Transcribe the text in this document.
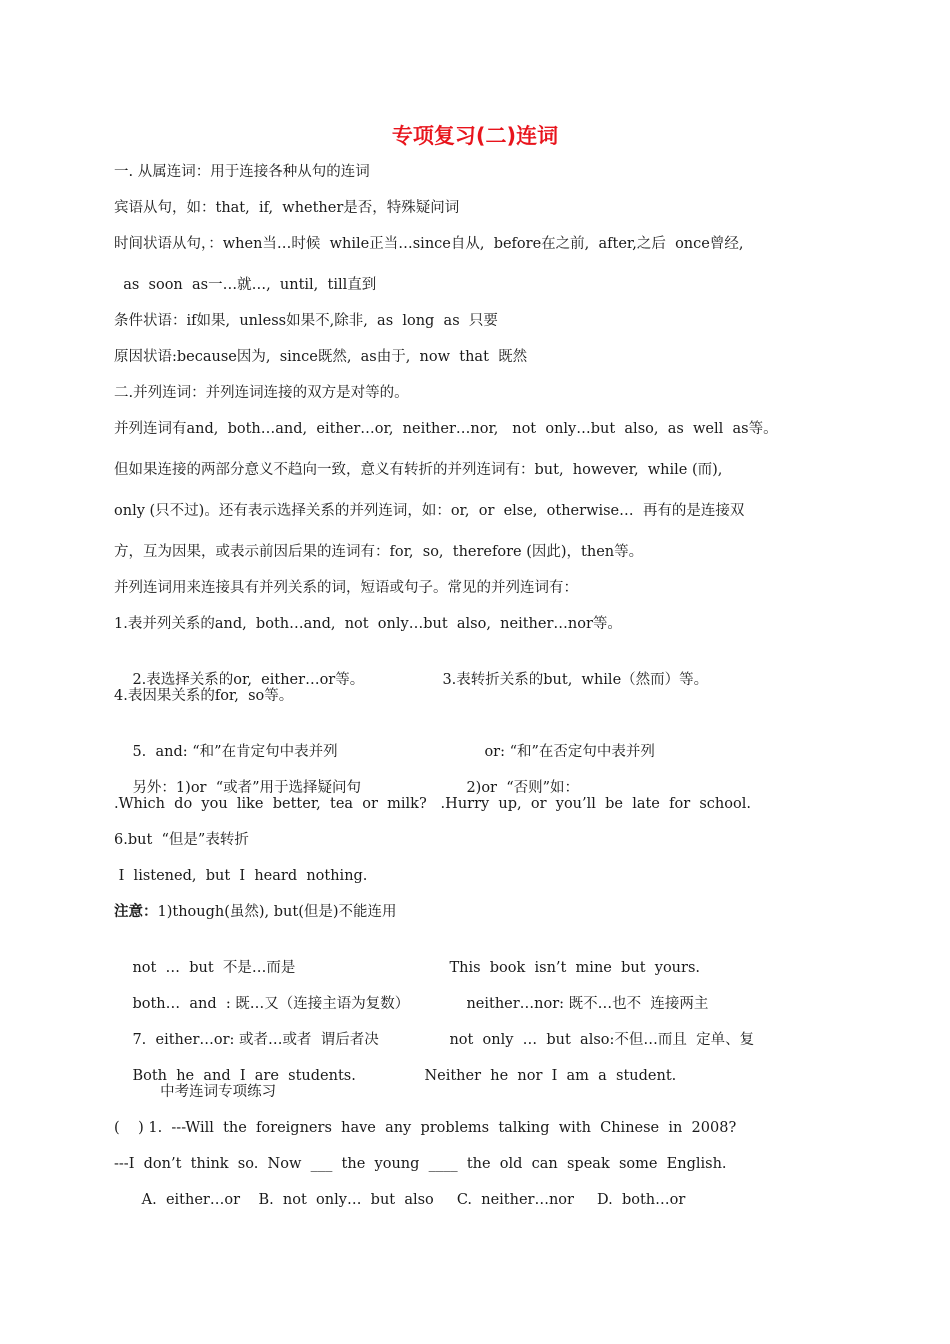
专项复习(二)连词
一. 从属连词：用于连接各种从句的连词
宾语从句，如：that,  if,  whether是否，特殊疑问词
时间状语从句，：when当…时候  while正当…since自从,  before在之前,  after,之后  once曾经,
as  soon  as一…就…,  until,  till直到
条件状语：if如果,  unless如果不,除非,  as  long  as  只要
原因状语:because因为,  since既然,  as由于,  now  that  既然
二.并列连词：并列连词连接的双方是对等的。
并列连词有and,  both…and,  either…or,  neither…nor,   not  only…but  also,  as  well  as等。
但如果连接的两部分意义不趋向一致，意义有转折的并列连词有：but,  however,  while (而),
only (只不过)。还有表示选择关系的并列连词，如：or,  or  else,  otherwise…  再有的是连接双
方，互为因果，或表示前因后果的连词有：for,  so,  therefore (因此)，then等。
并列连词用来连接具有并列关系的词，短语或句子。常见的并列连词有：
1.表并列关系的and,  both…and,  not  only…but  also,  neither…nor等。

2.表选择关系的or,  either…or等。
	3.表转折关系的but,  while（然而）等。

4.表因果关系的for,  so等。

5.  and: “和”在肯定句中表并列
	or: “和”在否定句中表并列

另外：1)or  “或者”用于选择疑问句
	2)or  “否则”如：

.Which  do  you  like  better,  tea  or  milk?   .Hurry  up,  or  you’ll  be  late  for  school.
6.but  “但是”表转折
I  listened,  but  I  heard  nothing.
注意：1)though(虽然), but(但是)不能连用

not  …  but  不是…而是
	This  book  isn’t  mine  but  yours.

both…  and  : 既…又（连接主语为复数）
	neither…nor: 既不…也不  连接两主

7.  either…or: 或者…或者  谓后者决
	not  only  …  but  also:不但…而且  定单、复

Both  he  and  I  are  students.
	Neither  he  nor  I  am  a  student.

中考连词专项练习
(    ) 1.  ---Will  the  foreigners  have  any  problems  talking  with  Chinese  in  2008?
---I  don’t  think  so.  Now  ___  the  young  ____  the  old  can  speak  some  English.
A.  either…or    B.  not  only…  but  also     C.  neither…nor     D.  both…or
